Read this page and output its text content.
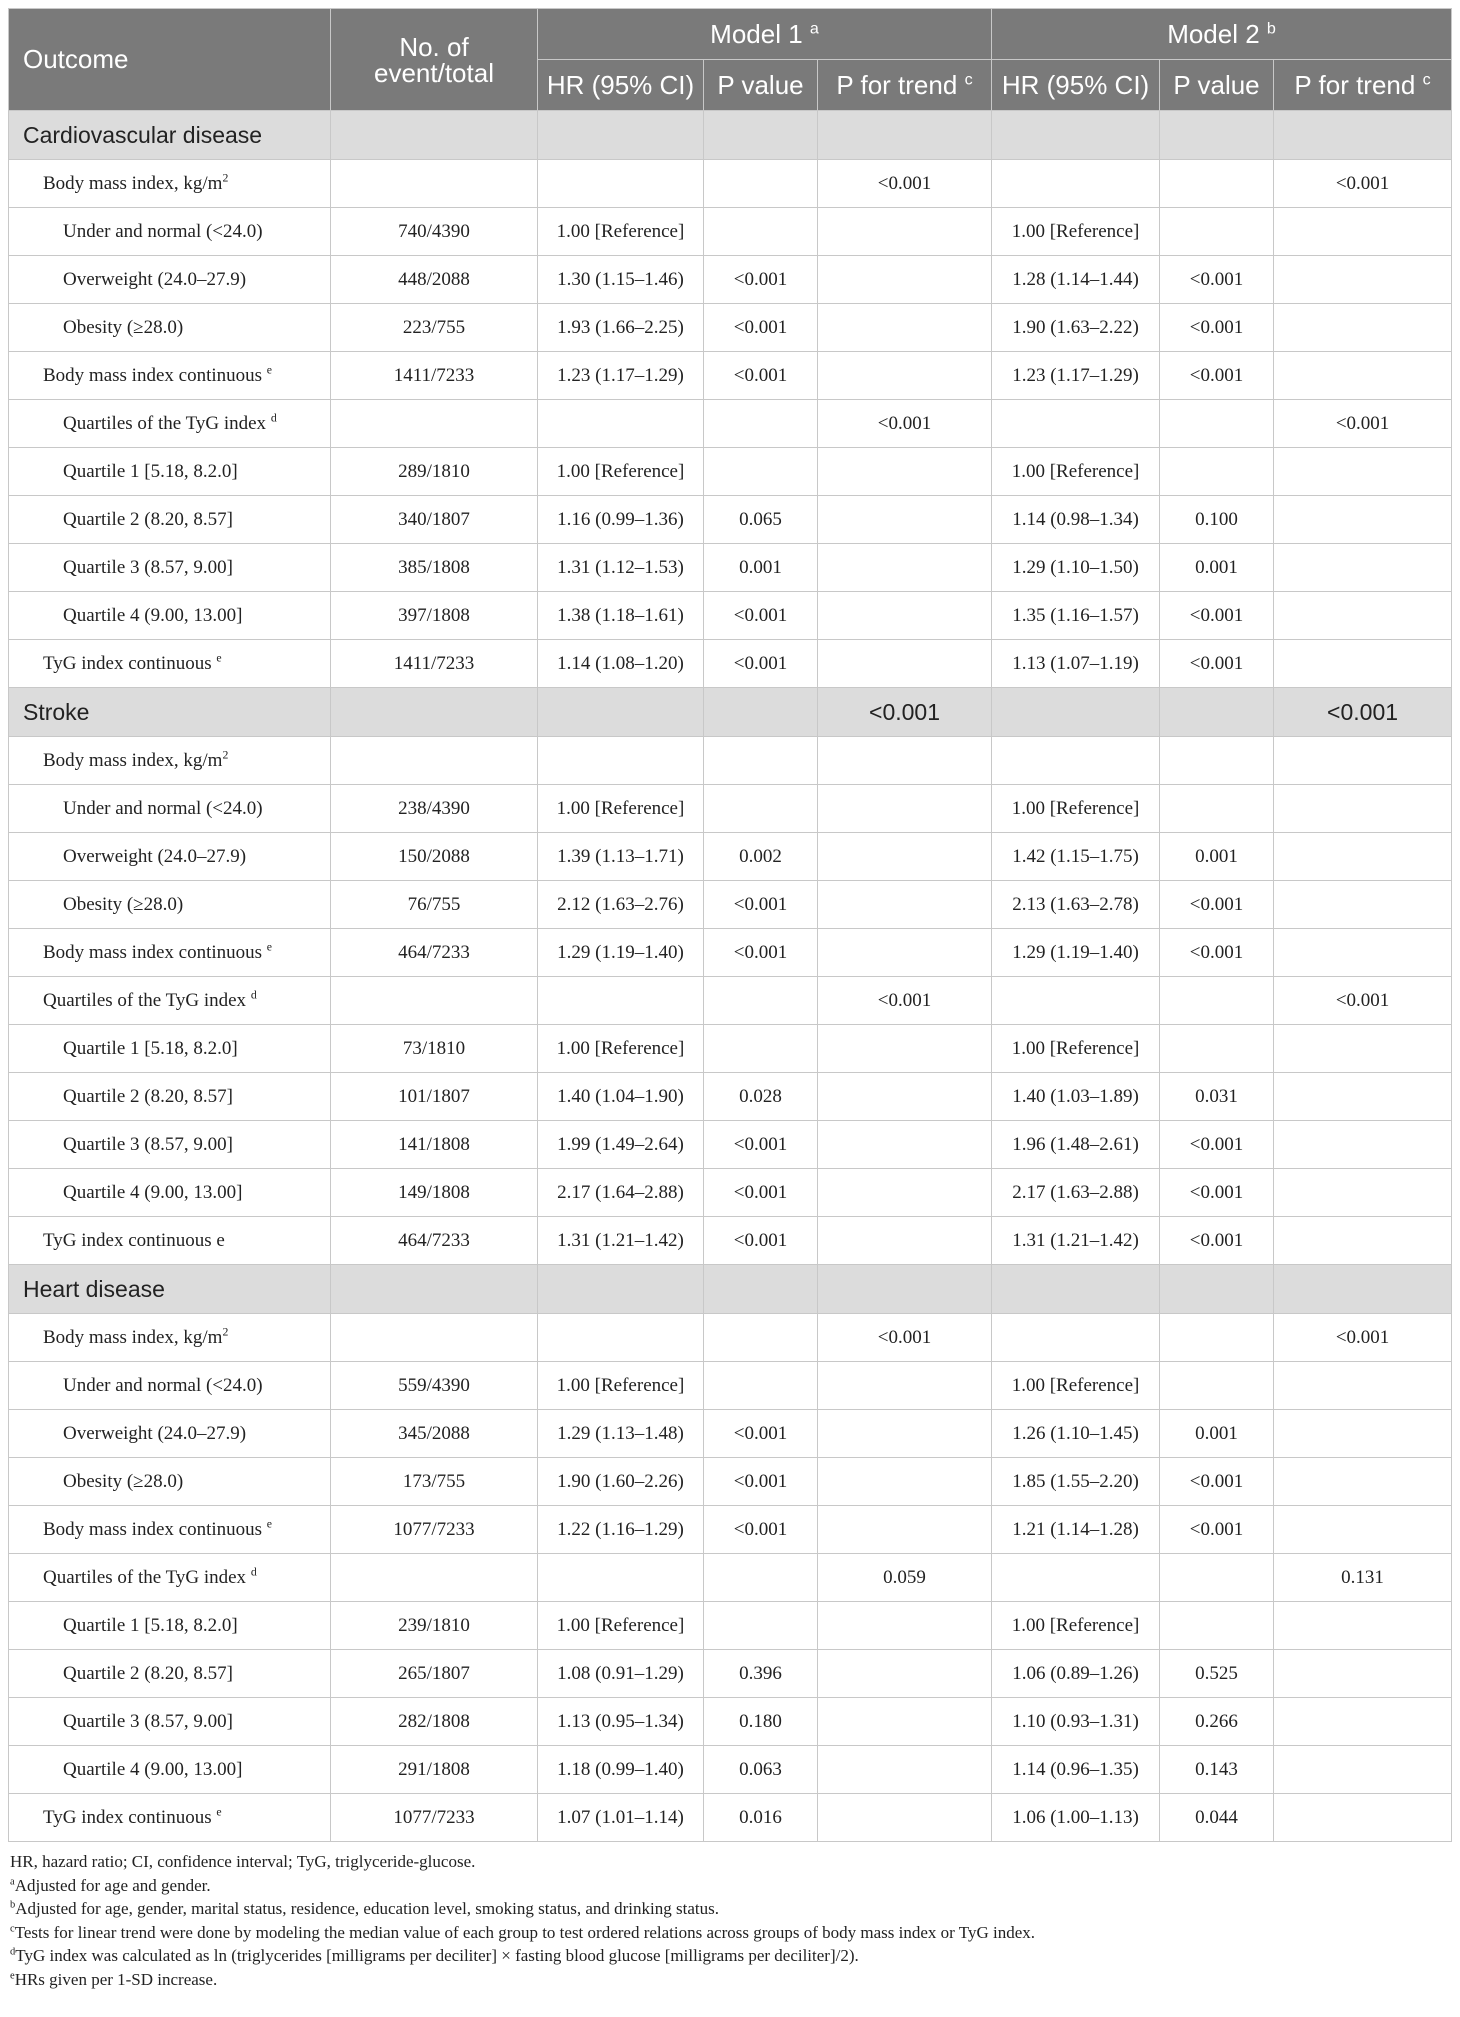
Outcome	No. of
event/total	Model 1 $^a$			Model 2 $^b$
		HR (95% CI)	P value	P for trend $^c$	HR (95% CI)	P value	P for trend $^c$
Cardiovascular disease							
Body mass index, $kg/m^2$				<0.001			<0.001
Under and normal (<24.0)	740/4390	1.00 [Reference]			1.00 [Reference]		
Overweight (24.0–27.9)	448/2088	1.30 (1.15–1.46)	<0.001		1.28 (1.14–1.44)	<0.001	
Obesity (≥28.0)	223/755	1.93 (1.66–2.25)	<0.001		1.90 (1.63–2.22)	<0.001	
Body mass index continuous $^e$	1411/7233	1.23 (1.17–1.29)	<0.001		1.23 (1.17–1.29)	<0.001	
Quartiles of the TyG index $^d$				<0.001			<0.001
Quartile 1 [5.18, 8.2.0]	289/1810	1.00 [Reference]			1.00 [Reference]		
Quartile 2 (8.20, 8.57]	340/1807	1.16 (0.99–1.36)	0.065		1.14 (0.98–1.34)	0.100	
Quartile 3 (8.57, 9.00]	385/1808	1.31 (1.12–1.53)	0.001		1.29 (1.10–1.50)	0.001	
Quartile 4 (9.00, 13.00]	397/1808	1.38 (1.18–1.61)	<0.001		1.35 (1.16–1.57)	<0.001	
TyG index continuous $^e$	1411/7233	1.14 (1.08–1.20)	<0.001		1.13 (1.07–1.19)	<0.001	
Stroke				<0.001			<0.001
Body mass index, $kg/m^2$							
Under and normal (<24.0)	238/4390	1.00 [Reference]			1.00 [Reference]		
Overweight (24.0–27.9)	150/2088	1.39 (1.13–1.71)	0.002		1.42 (1.15–1.75)	0.001	
Obesity (≥28.0)	76/755	2.12 (1.63–2.76)	<0.001		2.13 (1.63–2.78)	<0.001	
Body mass index continuous $^e$	464/7233	1.29 (1.19–1.40)	<0.001		1.29 (1.19–1.40)	<0.001	
Quartiles of the TyG index $^d$				<0.001			<0.001
Quartile 1 [5.18, 8.2.0]	73/1810	1.00 [Reference]			1.00 [Reference]		
Quartile 2 (8.20, 8.57]	101/1807	1.40 (1.04–1.90)	0.028		1.40 (1.03–1.89)	0.031	
Quartile 3 (8.57, 9.00]	141/1808	1.99 (1.49–2.64)	<0.001		1.96 (1.48–2.61)	<0.001	
Quartile 4 (9.00, 13.00]	149/1808	2.17 (1.64–2.88)	<0.001		2.17 (1.63–2.88)	<0.001	
TyG index continuous e	464/7233	1.31 (1.21–1.42)	<0.001		1.31 (1.21–1.42)	<0.001	
Heart disease							
Body mass index, $kg/m^2$				<0.001			<0.001
Under and normal (<24.0)	559/4390	1.00 [Reference]			1.00 [Reference]		
Overweight (24.0–27.9)	345/2088	1.29 (1.13–1.48)	<0.001		1.26 (1.10–1.45)	0.001	
Obesity (≥28.0)	173/755	1.90 (1.60–2.26)	<0.001		1.85 (1.55–2.20)	<0.001	
Body mass index continuous $^e$	1077/7233	1.22 (1.16–1.29)	<0.001		1.21 (1.14–1.28)	<0.001	
Quartiles of the TyG index $^d$				0.059			0.131
Quartile 1 [5.18, 8.2.0]	239/1810	1.00 [Reference]			1.00 [Reference]		
Quartile 2 (8.20, 8.57]	265/1807	1.08 (0.91–1.29)	0.396		1.06 (0.89–1.26)	0.525	
Quartile 3 (8.57, 9.00]	282/1808	1.13 (0.95–1.34)	0.180		1.10 (0.93–1.31)	0.266	
Quartile 4 (9.00, 13.00]	291/1808	1.18 (0.99–1.40)	0.063		1.14 (0.96–1.35)	0.143	
TyG index continuous $^e$	1077/7233	1.07 (1.01–1.14)	0.016		1.06 (1.00–1.13)	0.044	
HR, hazard ratio; CI, confidence interval; TyG, triglyceride-glucose.
$^a$Adjusted for age and gender.
$^b$Adjusted for age, gender, marital status, residence, education level, smoking status, and drinking status.
$^c$Tests for linear trend were done by modeling the median value of each group to test ordered relations across groups of body mass index or TyG index.
$^d$TyG index was calculated as ln (triglycerides [milligrams per deciliter] × fasting blood glucose [milligrams per deciliter]/2).
$^e$HRs given per 1-SD increase.
